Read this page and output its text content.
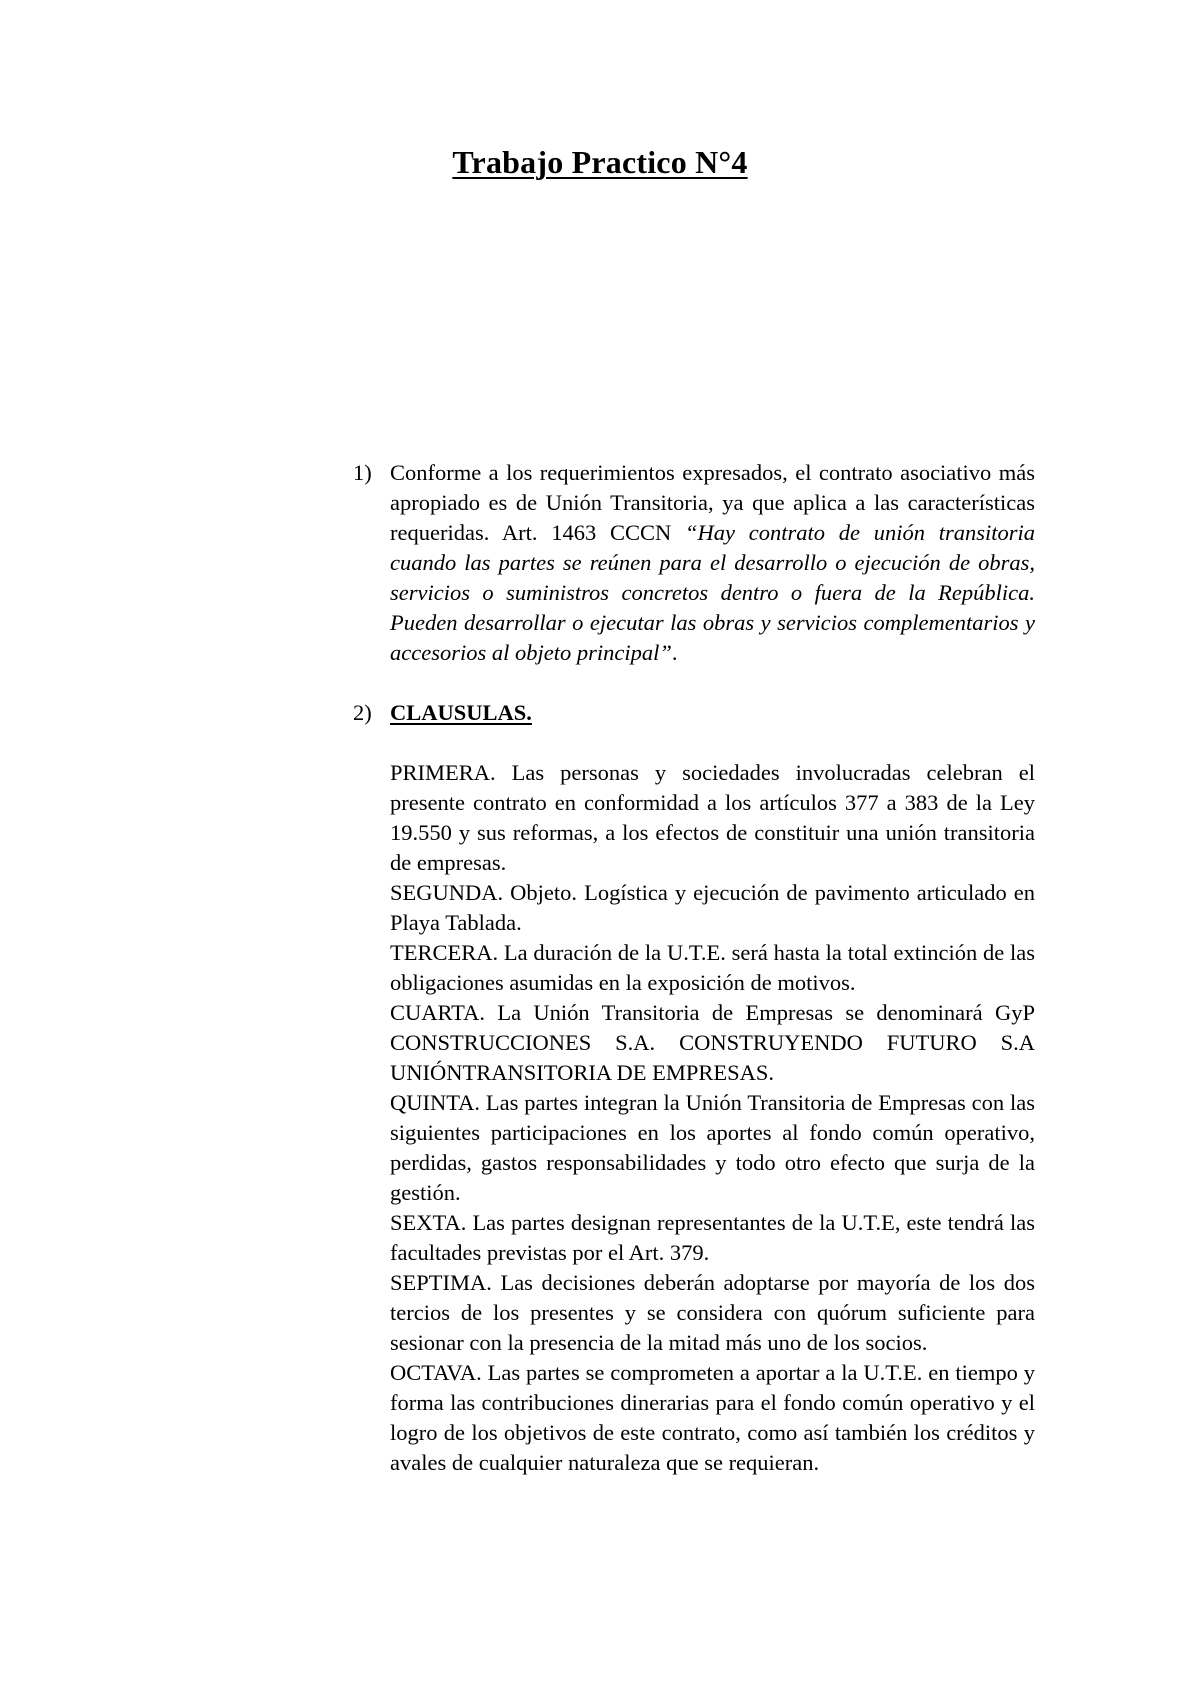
Trabajo Practico N°4
1) Conforme a los requerimientos expresados, el contrato asociativo más apropiado es de Unión Transitoria, ya que aplica a las características requeridas. Art. 1463 CCCN “Hay contrato de unión transitoria cuando las partes se reúnen para el desarrollo o ejecución de obras, servicios o suministros concretos dentro o fuera de la República. Pueden desarrollar o ejecutar las obras y servicios complementarios y accesorios al objeto principal”.
2) CLAUSULAS.
PRIMERA. Las personas y sociedades involucradas celebran el presente contrato en conformidad a los artículos 377 a 383 de la Ley 19.550 y sus reformas, a los efectos de constituir una unión transitoria de empresas.
SEGUNDA. Objeto. Logística y ejecución de pavimento articulado en Playa Tablada.
TERCERA. La duración de la U.T.E. será hasta la total extinción de las obligaciones asumidas en la exposición de motivos.
CUARTA. La Unión Transitoria de Empresas se denominará GyP CONSTRUCCIONES S.A. CONSTRUYENDO FUTURO S.A UNIÓNTRANSITORIA DE EMPRESAS.
QUINTA. Las partes integran la Unión Transitoria de Empresas con las siguientes participaciones en los aportes al fondo común operativo, perdidas, gastos responsabilidades y todo otro efecto que surja de la gestión.
SEXTA. Las partes designan representantes de la U.T.E, este tendrá las facultades previstas por el Art. 379.
SEPTIMA. Las decisiones deberán adoptarse por mayoría de los dos tercios de los presentes y se considera con quórum suficiente para sesionar con la presencia de la mitad más uno de los socios.
OCTAVA. Las partes se comprometen a aportar a la U.T.E. en tiempo y forma las contribuciones dinerarias para el fondo común operativo y el logro de los objetivos de este contrato, como así también los créditos y avales de cualquier naturaleza que se requieran.
